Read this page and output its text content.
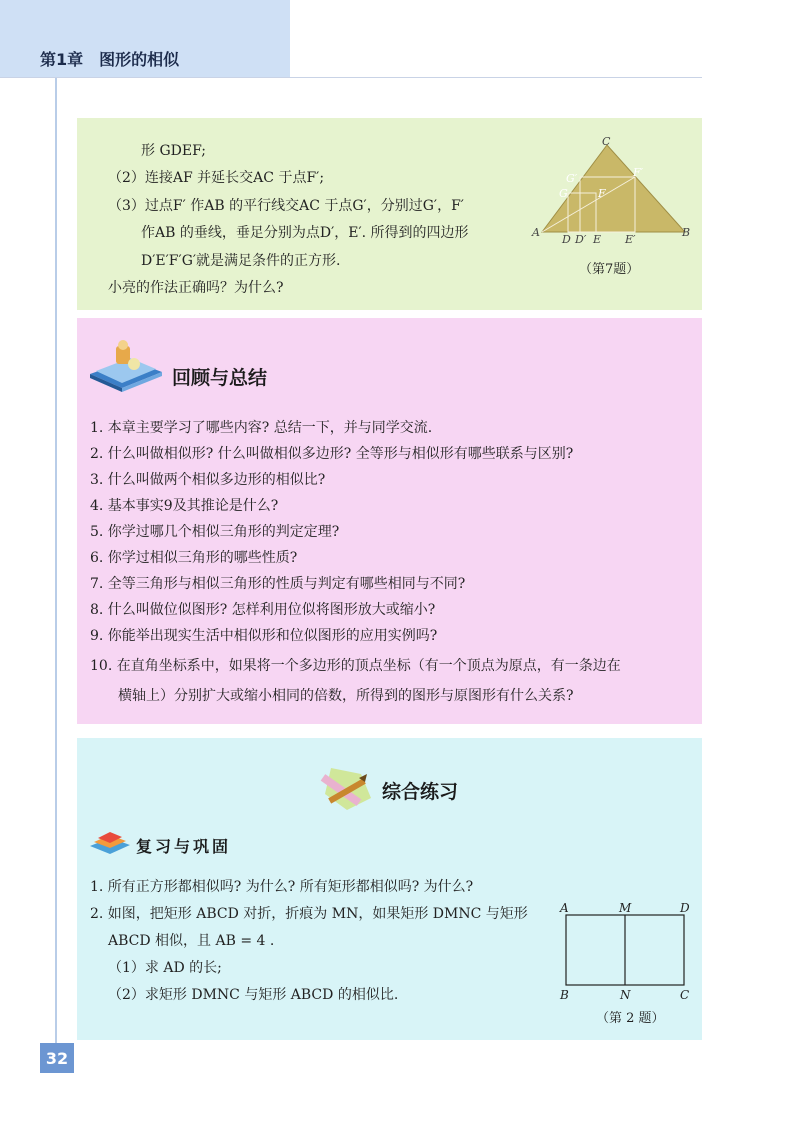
第1章 图形的相似
形 GDEF;
（2）连接AF 并延长交AC 于点F′;
（3）过点F′ 作AB 的平行线交AC 于点G′，分别过G′，F′
作AB 的垂线，垂足分别为点D′，E′. 所得到的四边形
D′E′F′G′就是满足条件的正方形.
小亮的作法正确吗？为什么?
C
G′	F′
G	F
A
D D′ E E′
B
（第7题）
回顾与总结
1. 本章主要学习了哪些内容? 总结一下，并与同学交流.
2. 什么叫做相似形? 什么叫做相似多边形? 全等形与相似形有哪些联系与区别?
3. 什么叫做两个相似多边形的相似比?
4. 基本事实9及其推论是什么?
5. 你学过哪几个相似三角形的判定定理?
6. 你学过相似三角形的哪些性质?
7. 全等三角形与相似三角形的性质与判定有哪些相同与不同?
8. 什么叫做位似图形? 怎样利用位似将图形放大或缩小?
9. 你能举出现实生活中相似形和位似图形的应用实例吗?
10. 在直角坐标系中，如果将一个多边形的顶点坐标（有一个顶点为原点，有一条边在
横轴上）分别扩大或缩小相同的倍数，所得到的图形与原图形有什么关系?
综合练习
复习与巩固
1. 所有正方形都相似吗? 为什么? 所有矩形都相似吗? 为什么?
2. 如图，把矩形 ABCD 对折，折痕为 MN，如果矩形 DMNC 与矩形
ABCD 相似，且 AB = 4 .
（1）求 AD 的长;
（2）求矩形 DMNC 与矩形 ABCD 的相似比.
A	M	D
B	N	C
（第 2 题）
32
